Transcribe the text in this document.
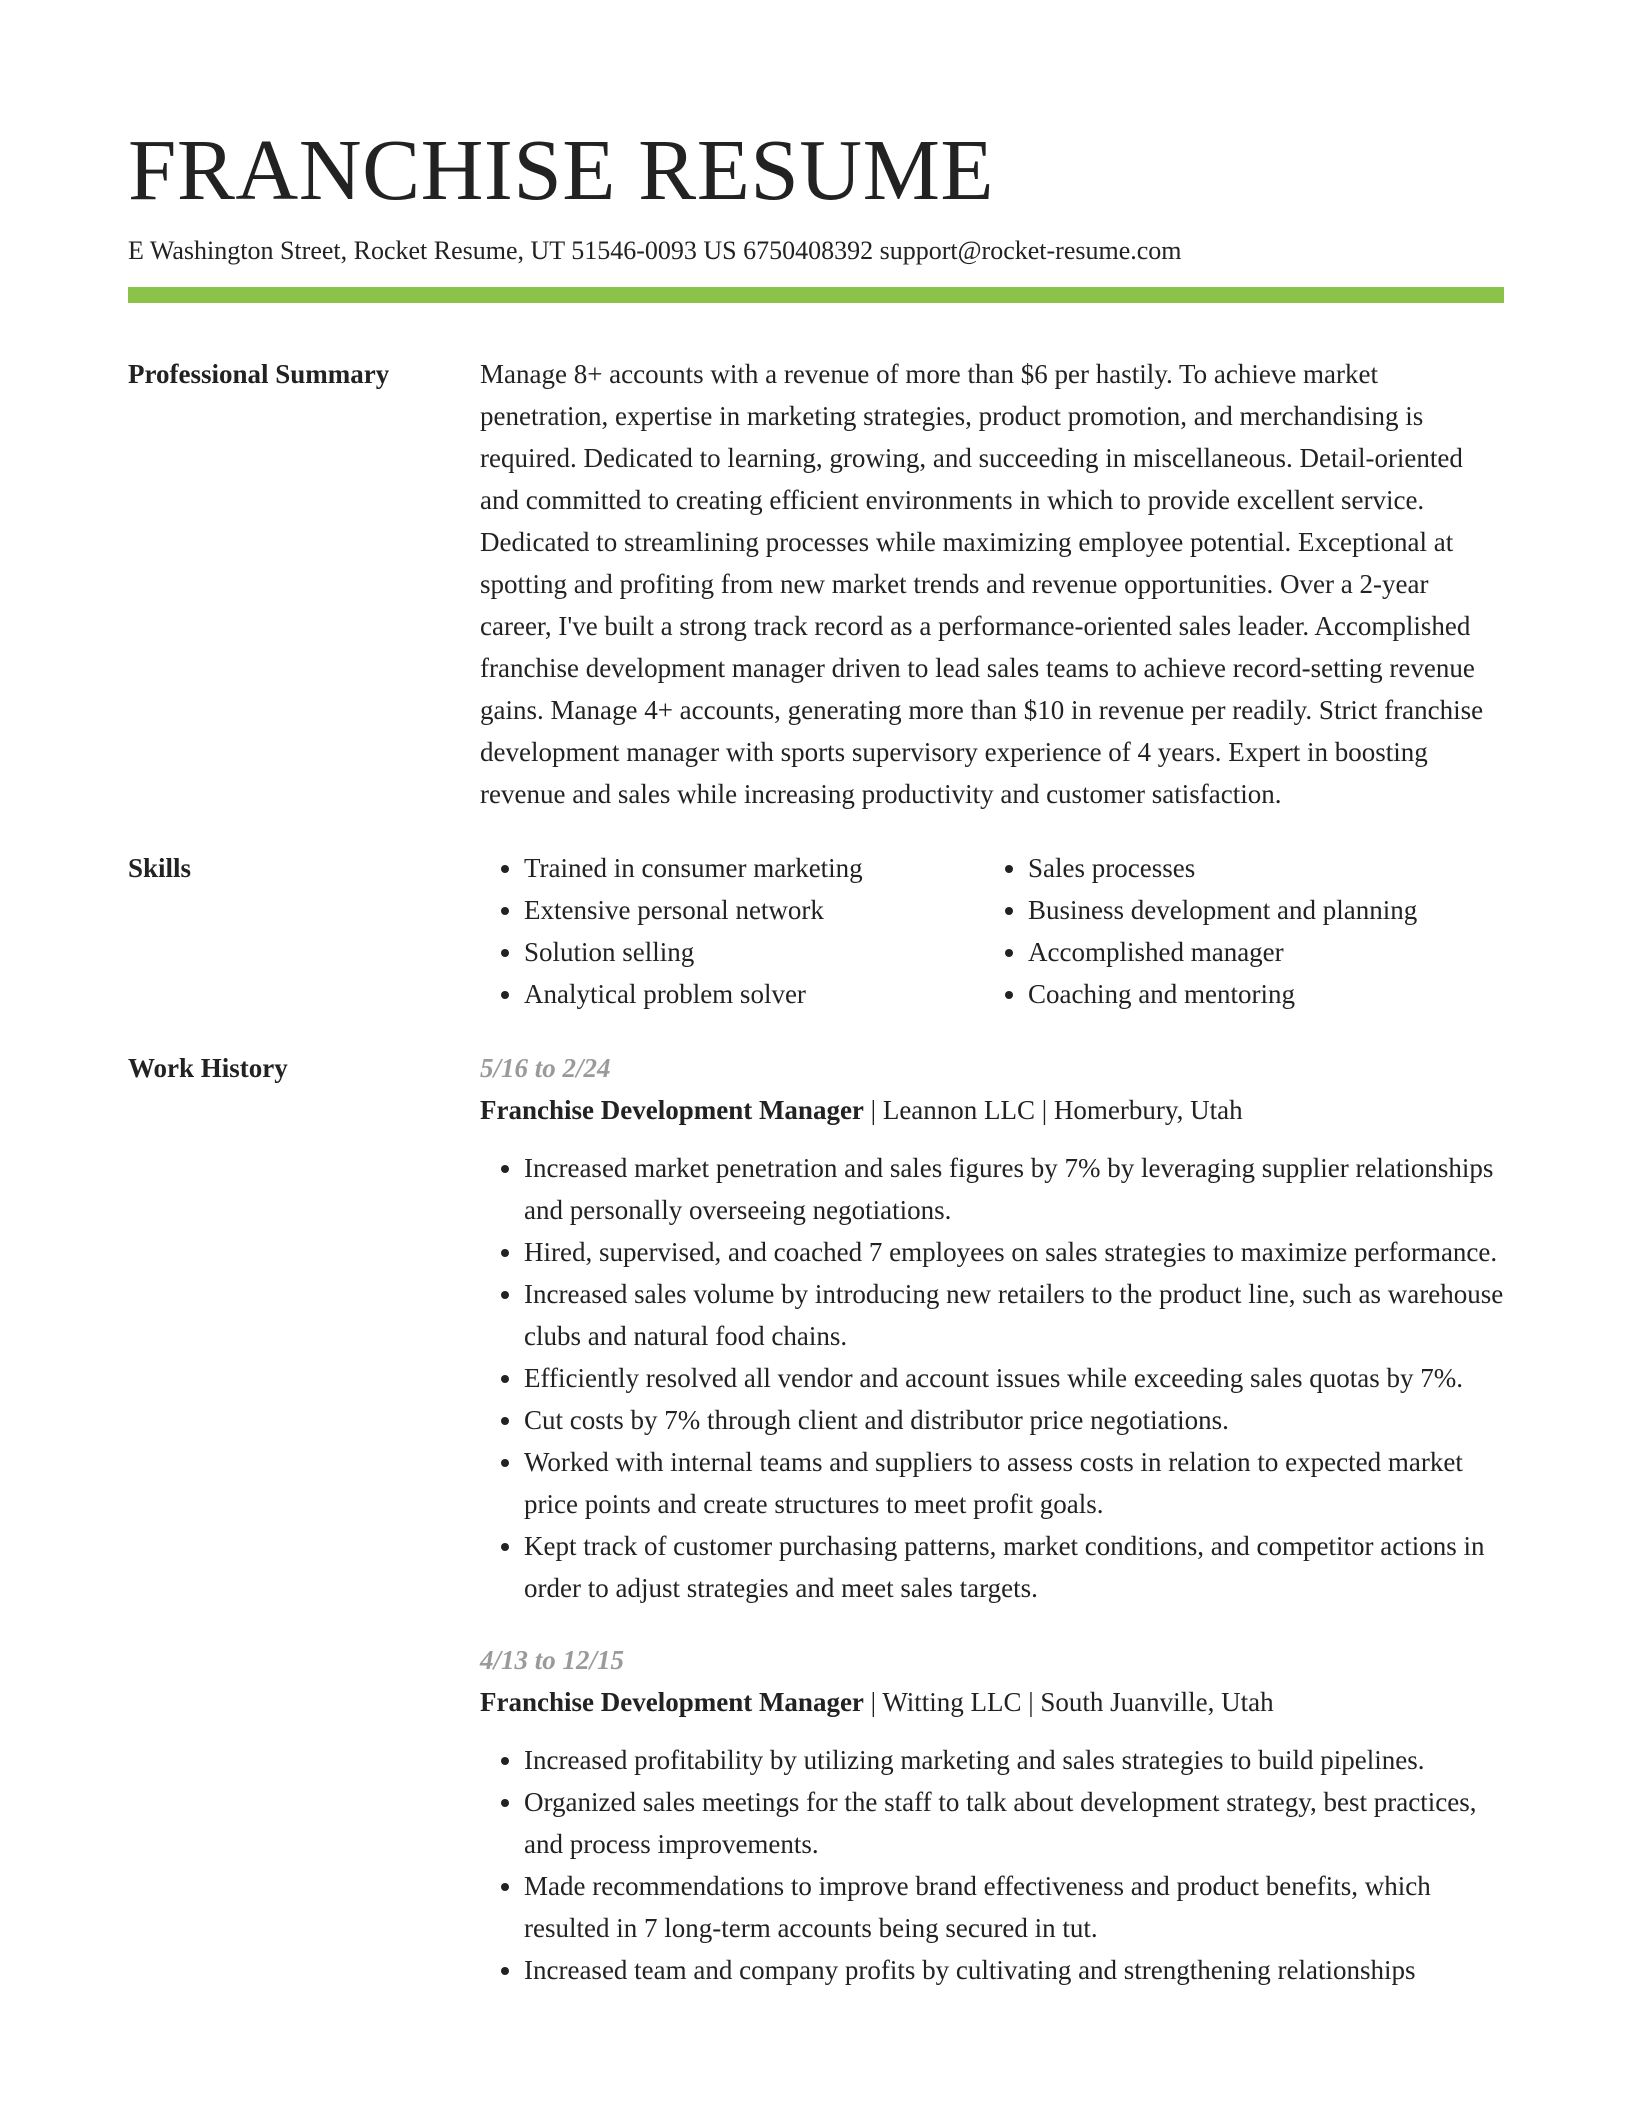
FRANCHISE RESUME
E Washington Street, Rocket Resume, UT 51546-0093 US 6750408392 support@rocket-resume.com
Professional Summary	Manage 8+ accounts with a revenue of more than $6 per hastily. To achieve market penetration, expertise in marketing strategies, product promotion, and merchandising is required. Dedicated to learning, growing, and succeeding in miscellaneous. Detail-oriented and committed to creating efficient environments in which to provide excellent service. Dedicated to streamlining processes while maximizing employee potential. Exceptional at spotting and profiting from new market trends and revenue opportunities. Over a 2-year career, I've built a strong track record as a performance-oriented sales leader. Accomplished franchise development manager driven to lead sales teams to achieve record-setting revenue gains. Manage 4+ accounts, generating more than $10 in revenue per readily. Strict franchise development manager with sports supervisory experience of 4 years. Expert in boosting revenue and sales while increasing productivity and customer satisfaction.
Skills
•	Trained in consumer marketing
• Extensive personal network
• Solution selling
• Analytical problem solver
• Sales processes
• Business development and planning
• Accomplished manager
• Coaching and mentoring
Work History	5/16 to 2/24
Franchise Development Manager | Leannon LLC | Homerbury, Utah
• Increased market penetration and sales figures by 7% by leveraging supplier relationships and personally overseeing negotiations.
• Hired, supervised, and coached 7 employees on sales strategies to maximize performance.
• Increased sales volume by introducing new retailers to the product line, such as warehouse clubs and natural food chains.
• Efficiently resolved all vendor and account issues while exceeding sales quotas by 7%.
• Cut costs by 7% through client and distributor price negotiations.
• Worked with internal teams and suppliers to assess costs in relation to expected market price points and create structures to meet profit goals.
• Kept track of customer purchasing patterns, market conditions, and competitor actions in order to adjust strategies and meet sales targets.
4/13 to 12/15
Franchise Development Manager | Witting LLC | South Juanville, Utah
• Increased profitability by utilizing marketing and sales strategies to build pipelines.
• Organized sales meetings for the staff to talk about development strategy, best practices, and process improvements.
• Made recommendations to improve brand effectiveness and product benefits, which resulted in 7 long-term accounts being secured in tut.
• Increased team and company profits by cultivating and strengthening relationships
